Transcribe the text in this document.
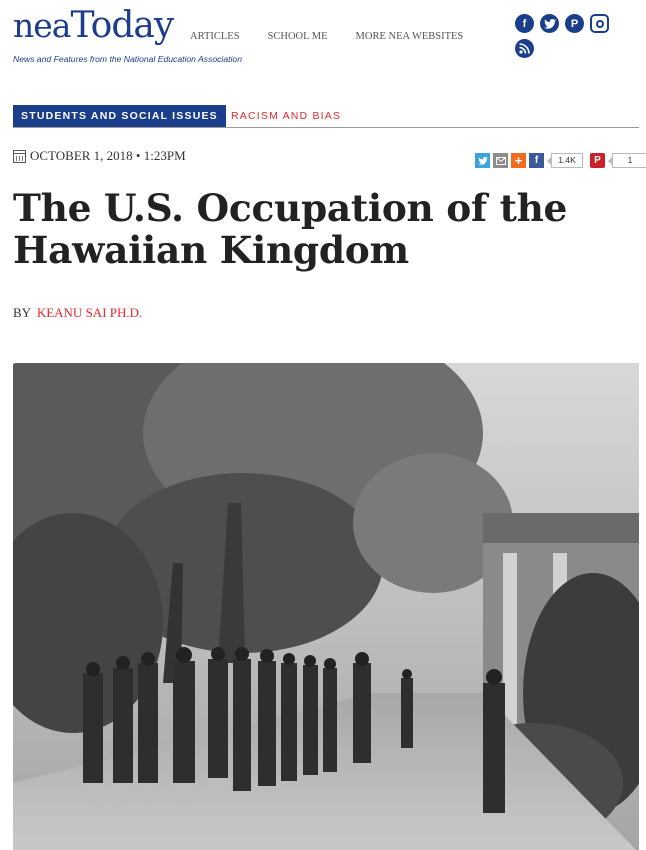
nea Today
News and Features from the National Education Association
ARTICLES	SCHOOL ME	MORE NEA WEBSITES
f	P
STUDENTS AND SOCIAL ISSUES	RACISM AND BIAS
OCTOBER 1, 2018 • 1:23PM	+	f	1.4K	P	1
The U.S. Occupation of the Hawaiian Kingdom
BY KEANU SAI PH.D.
